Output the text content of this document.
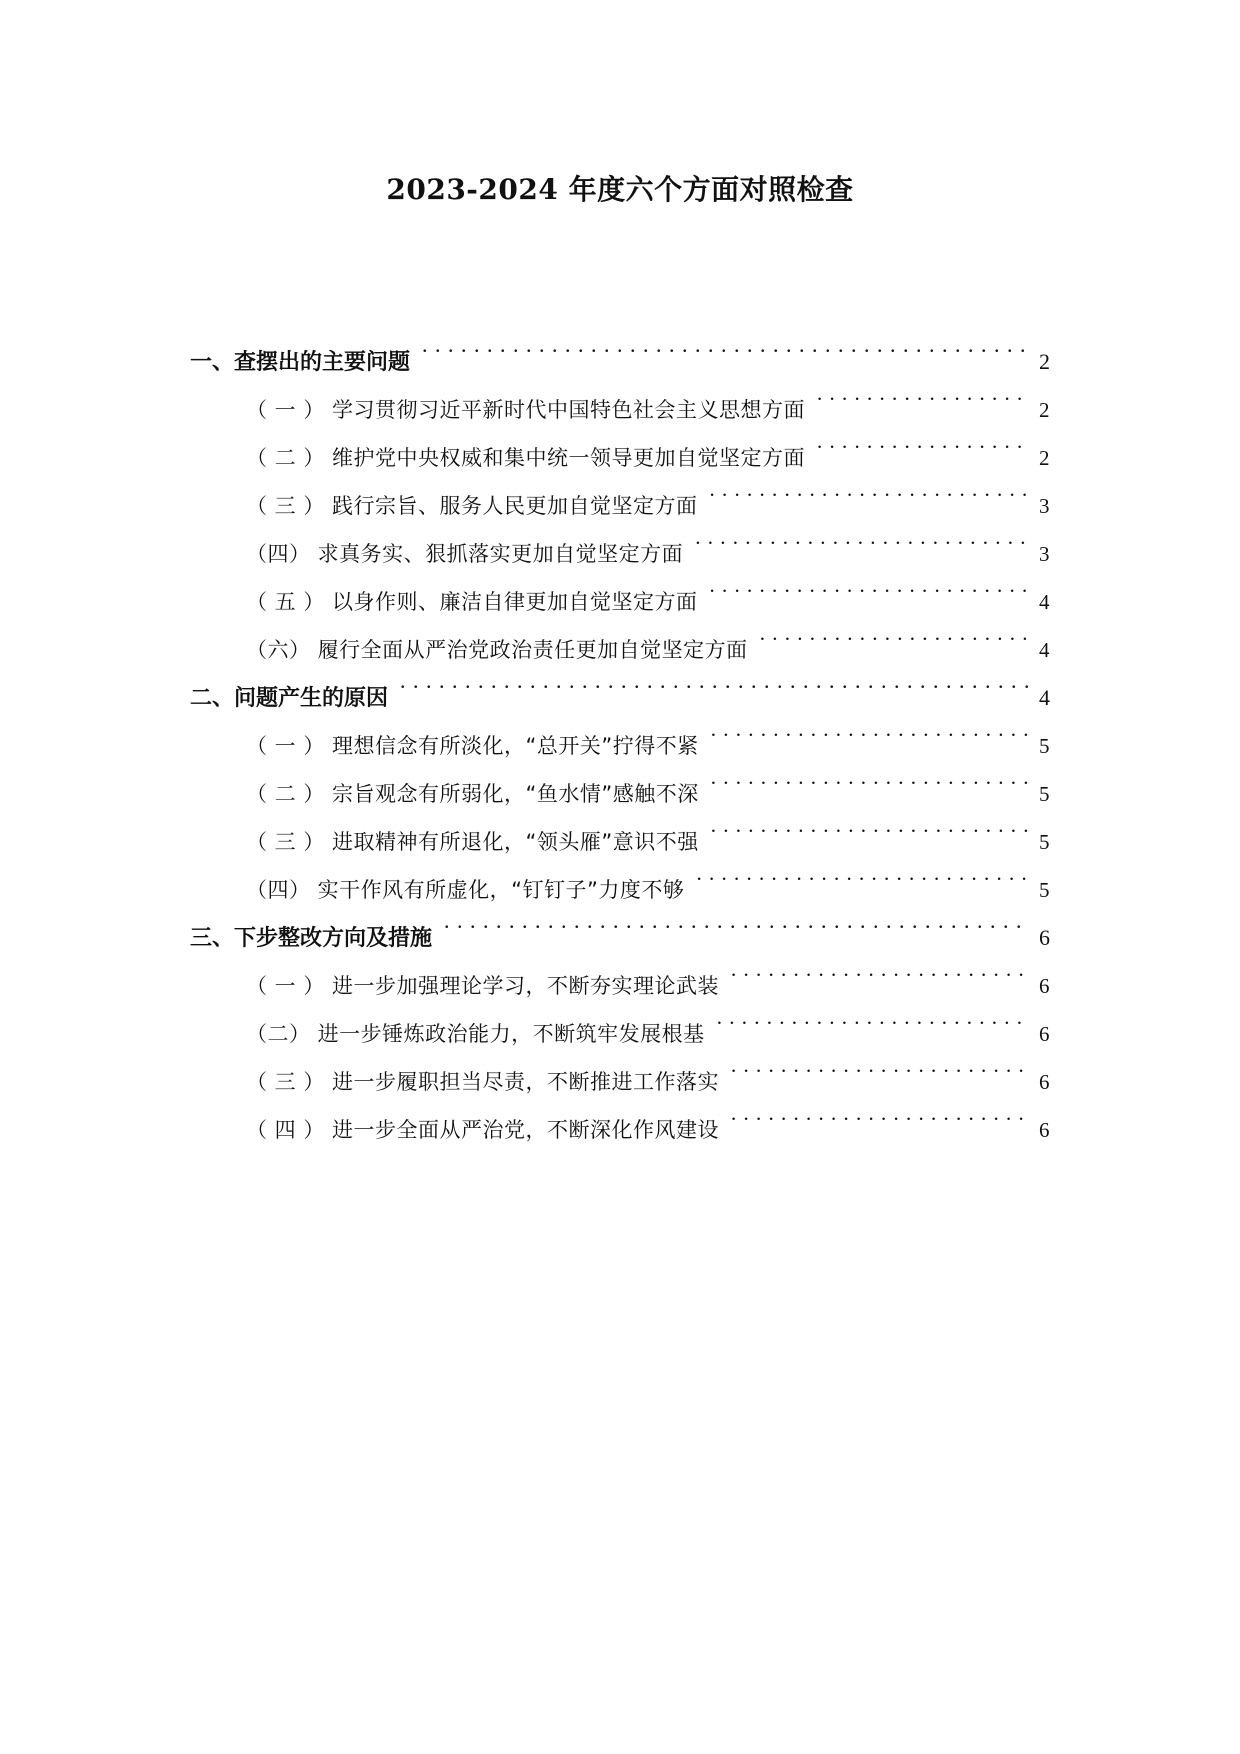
2023-2024 年度六个方面对照检查
一、查摆出的主要问题 . . .	2
（ 一 ） 学习贯彻习近平新时代中国特色社会主义思想方面 . . .	2
（ 二 ） 维护党中央权威和集中统一领导更加自觉坚定方面 . . .	2
（ 三 ） 践行宗旨、服务人民更加自觉坚定方面 . . .	3
（四） 求真务实、狠抓落实更加自觉坚定方面 . . .	3
（ 五 ） 以身作则、廉洁自律更加自觉坚定方面 . . .	4
（六） 履行全面从严治党政治责任更加自觉坚定方面 . . .	4
二、问题产生的原因 . . .	4
（ 一 ） 理想信念有所淡化，“总开关”拧得不紧 . . .	5
（ 二 ） 宗旨观念有所弱化，“鱼水情”感触不深 . . .	5
（ 三 ） 进取精神有所退化，“领头雁”意识不强 . . .	5
（四） 实干作风有所虚化，“钉钉子”力度不够 . . .	5
三、下步整改方向及措施 . . .	6
（ 一 ） 进一步加强理论学习，不断夯实理论武装 . . .	6
（二） 进一步锤炼政治能力，不断筑牢发展根基 . . .	6
（ 三 ） 进一步履职担当尽责，不断推进工作落实 . . .	6
（ 四 ） 进一步全面从严治党，不断深化作风建设 . . .	6
